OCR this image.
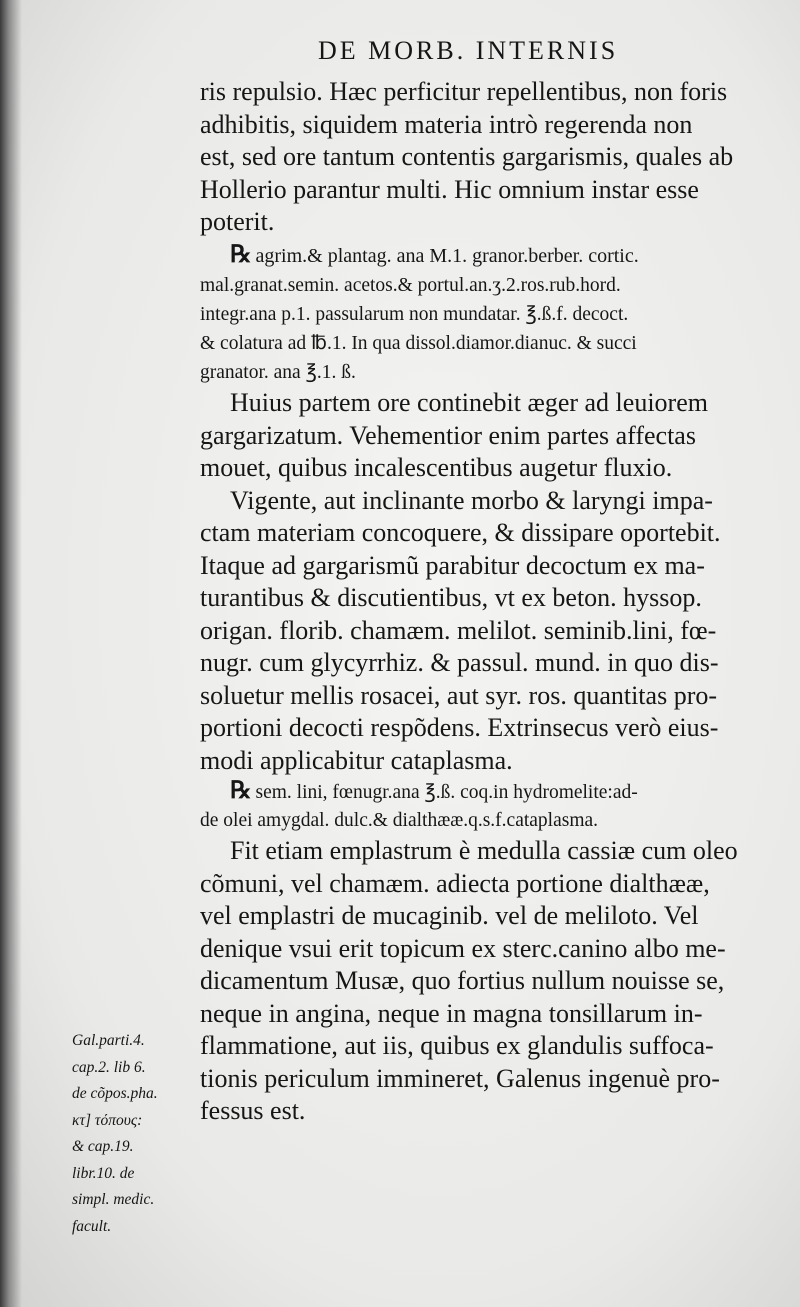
DE MORB. INTERNIS
ris repulsio. Hæc perficitur repellentibus, non foris
adhibitis, siquidem materia intrò regerenda non
est, sed ore tantum contentis gargarismis, quales ab
Hollerio parantur multi. Hic omnium instar esse
poterit.
℞ agrim.& plantag. ana M.1. granor.berber. cortic.
mal.granat.semin. acetos.& portul.an.ʒ.2.ros.rub.hord.
integr.ana p.1. passularum non mundatar. ℥.ß.f. decoct.
& colatura ad ℔.1. In qua dissol.diamor.dianuc. & succi
granator. ana ℥.1. ß.
Huius partem ore continebit æger ad leuiorem
gargarizatum. Vehementior enim partes affectas
mouet, quibus incalescentibus augetur fluxio.
Vigente, aut inclinante morbo & laryngi impa-
ctam materiam concoquere, & dissipare oportebit.
Itaque ad gargarismũ parabitur decoctum ex ma-
turantibus & discutientibus, vt ex beton. hyssop.
origan. florib. chamæm. melilot. seminib.lini, fœ-
nugr. cum glycyrrhiz. & passul. mund. in quo dis-
soluetur mellis rosacei, aut syr. ros. quantitas pro-
portioni decocti respõdens. Extrinsecus verò eius-
modi applicabitur cataplasma.
℞ sem. lini, fœnugr.ana ℥.ß. coq.in hydromelite:ad-
de olei amygdal. dulc.& dialthææ.q.s.f.cataplasma.
Fit etiam emplastrum è medulla cassiæ cum oleo
cõmuni, vel chamæm. adiecta portione dialthææ,
vel emplastri de mucaginib. vel de meliloto. Vel
denique vsui erit topicum ex sterc.canino albo me-
dicamentum Musæ, quo fortius nullum nouisse se,
neque in angina, neque in magna tonsillarum in-
flammatione, aut iis, quibus ex glandulis suffoca-
tionis periculum immineret, Galenus ingenuè pro-
fessus est.
Gal.parti.4.
cap.2. lib 6.
de cõpos.pha.
κτ] τόπους:
& cap.19.
libr.10. de
simpl. medic.
facult.
